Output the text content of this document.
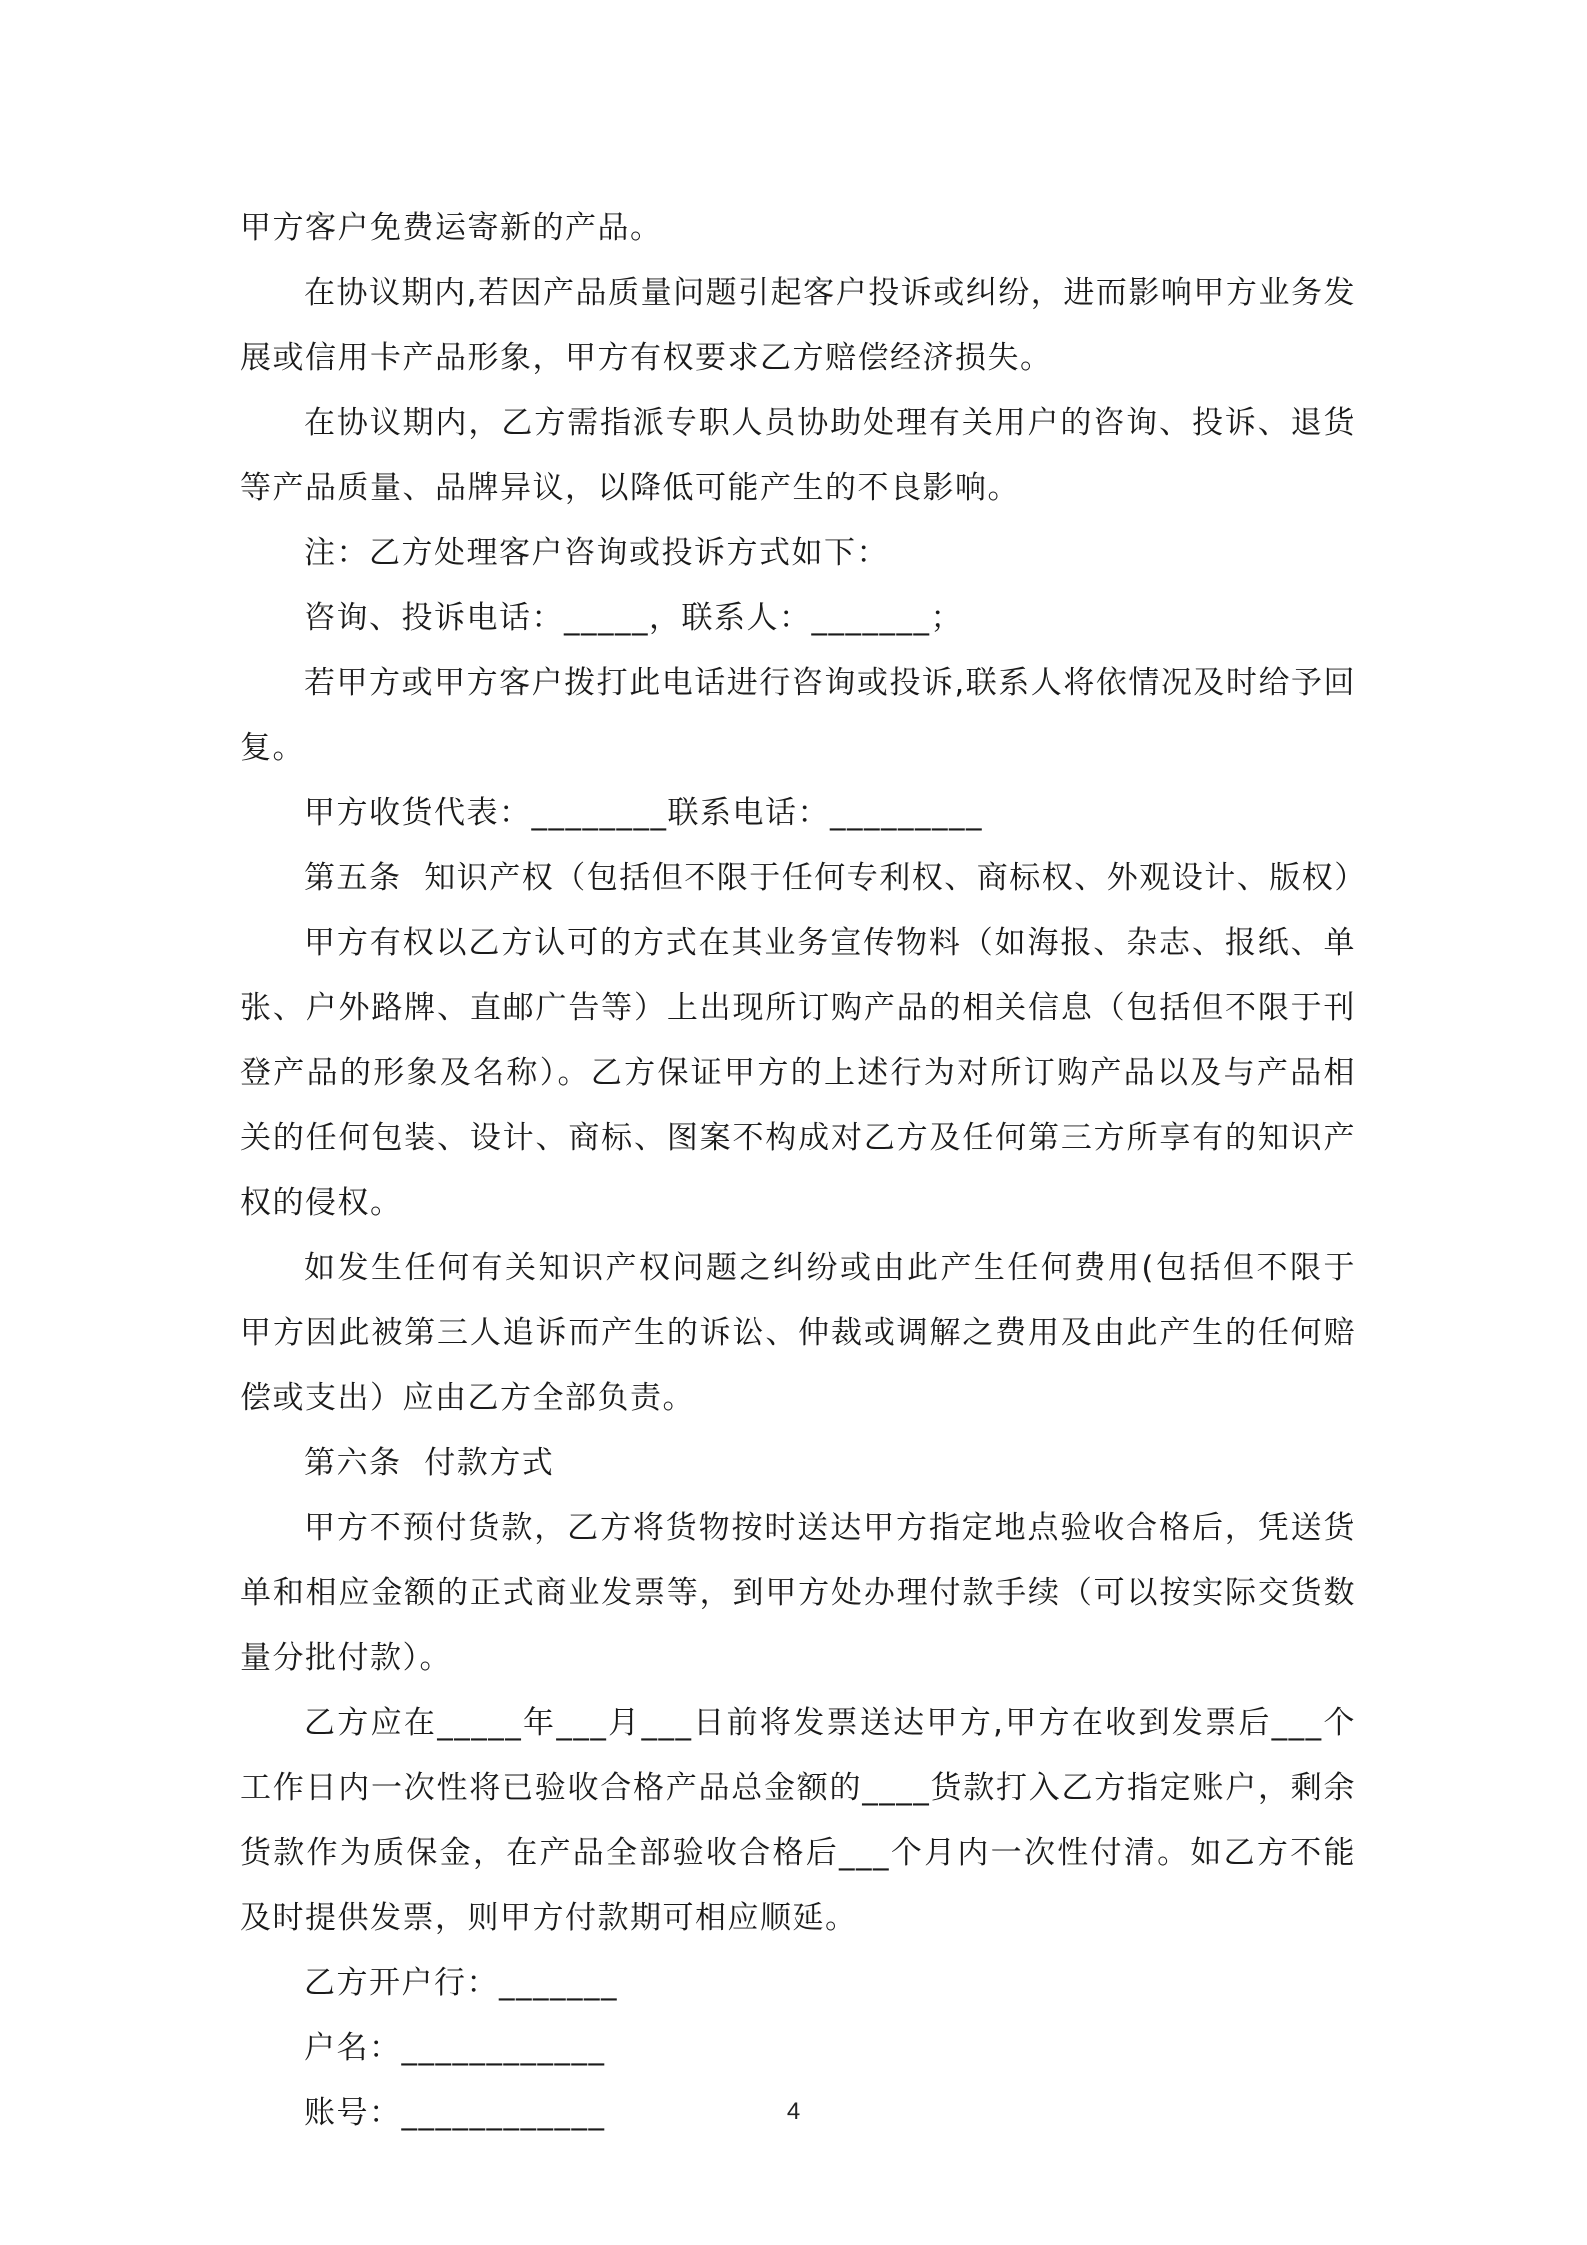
甲方客户免费运寄新的产品。

在协议期内,若因产品质量问题引起客户投诉或纠纷，进而影响甲方业务发展或信用卡产品形象，甲方有权要求乙方赔偿经济损失。

在协议期内，乙方需指派专职人员协助处理有关用户的咨询、投诉、退货等产品质量、品牌异议，以降低可能产生的不良影响。

注：乙方处理客户咨询或投诉方式如下：

咨询、投诉电话：_____，联系人：_______；

若甲方或甲方客户拨打此电话进行咨询或投诉,联系人将依情况及时给予回复。

甲方收货代表：________联系电话：_________

第五条  知识产权（包括但不限于任何专利权、商标权、外观设计、版权）

甲方有权以乙方认可的方式在其业务宣传物料（如海报、杂志、报纸、单张、户外路牌、直邮广告等）上出现所订购产品的相关信息（包括但不限于刊登产品的形象及名称）。乙方保证甲方的上述行为对所订购产品以及与产品相关的任何包装、设计、商标、图案不构成对乙方及任何第三方所享有的知识产权的侵权。

如发生任何有关知识产权问题之纠纷或由此产生任何费用(包括但不限于甲方因此被第三人追诉而产生的诉讼、仲裁或调解之费用及由此产生的任何赔偿或支出）应由乙方全部负责。

第六条  付款方式

甲方不预付货款，乙方将货物按时送达甲方指定地点验收合格后，凭送货单和相应金额的正式商业发票等，到甲方处办理付款手续（可以按实际交货数量分批付款）。

乙方应在_____年___月___日前将发票送达甲方,甲方在收到发票后___个工作日内一次性将已验收合格产品总金额的____货款打入乙方指定账户，剩余货款作为质保金，在产品全部验收合格后___个月内一次性付清。如乙方不能及时提供发票，则甲方付款期可相应顺延。

乙方开户行：_______

户名：____________

账号：____________	4
